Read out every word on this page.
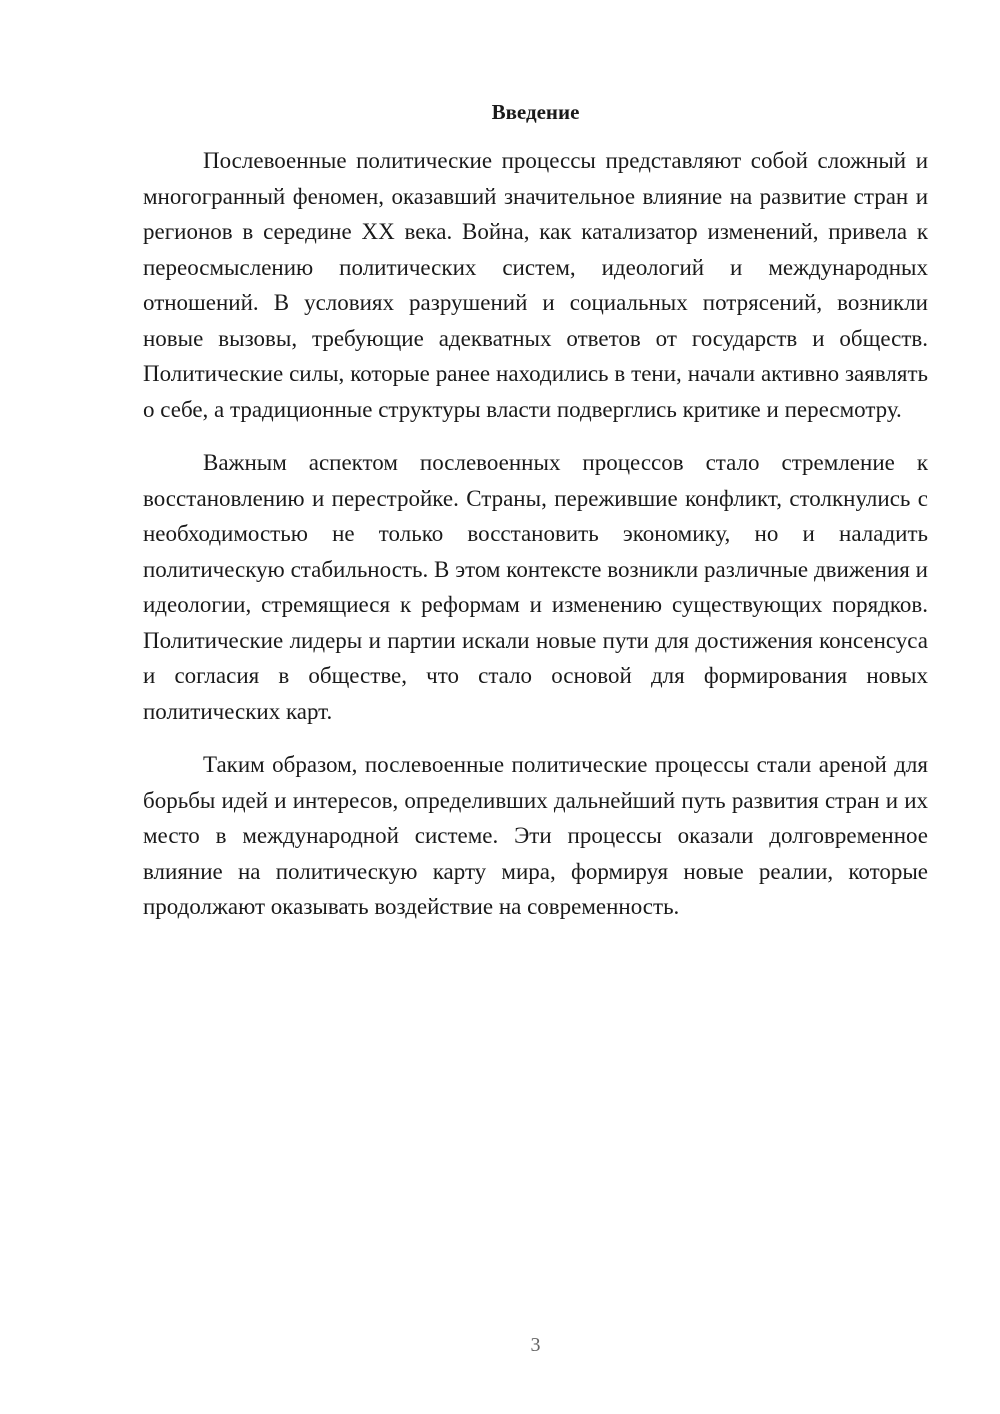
Введение

Послевоенные политические процессы представляют собой сложный и многогранный феномен, оказавший значительное влияние на развитие стран и регионов в середине XX века. Война, как катализатор изменений, привела к переосмыслению политических систем, идеологий и международных отношений. В условиях разрушений и социальных потрясений, возникли новые вызовы, требующие адекватных ответов от государств и обществ. Политические силы, которые ранее находились в тени, начали активно заявлять о себе, а традиционные структуры власти подверглись критике и пересмотру.

Важным аспектом послевоенных процессов стало стремление к восстановлению и перестройке. Страны, пережившие конфликт, столкнулись с необходимостью не только восстановить экономику, но и наладить политическую стабильность. В этом контексте возникли различные движения и идеологии, стремящиеся к реформам и изменению существующих порядков. Политические лидеры и партии искали новые пути для достижения консенсуса и согласия в обществе, что стало основой для формирования новых политических карт.

Таким образом, послевоенные политические процессы стали ареной для борьбы идей и интересов, определивших дальнейший путь развития стран и их место в международной системе. Эти процессы оказали долговременное влияние на политическую карту мира, формируя новые реалии, которые продолжают оказывать воздействие на современность.

3
